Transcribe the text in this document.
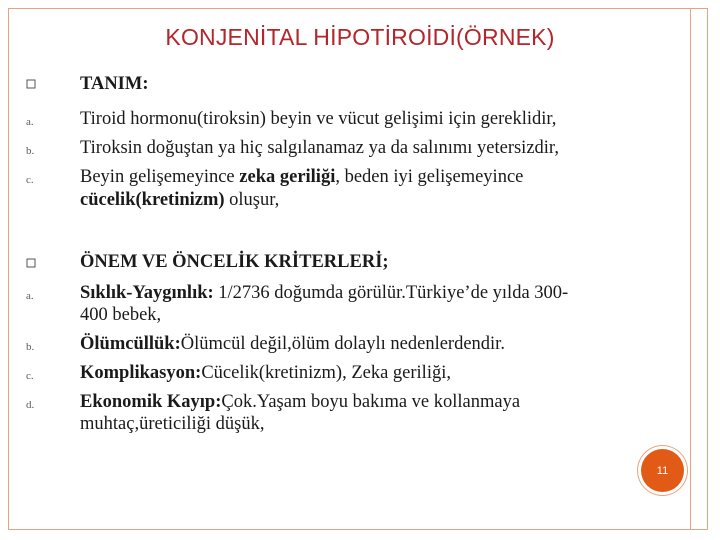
KONJENİTAL HİPOTİROİDİ(ÖRNEK)
TANIM:
a.	Tiroid hormonu(tiroksin) beyin ve vücut gelişimi için gereklidir,
b. Tiroksin doğuştan ya hiç salgılanamaz ya da salınımı yetersizdir,
c.	Beyin gelişemeyince zeka geriliği, beden iyi gelişemeyince
cücelik(kretinizm) oluşur,
ÖNEM VE ÖNCELİK KRİTERLERİ;
a.	Sıklık-Yaygınlık: 1/2736 doğumda görülür.Türkiye’de yılda 300-
400 bebek,
b. Ölümcüllük:Ölümcül değil,ölüm dolaylı nedenlerdendir.
c.	Komplikasyon:Cücelik(kretinizm), Zeka geriliği,
d. Ekonomik Kayıp:Çok.Yaşam boyu bakıma ve kollanmaya
muhtaç,üreticiliği düşük,
11
